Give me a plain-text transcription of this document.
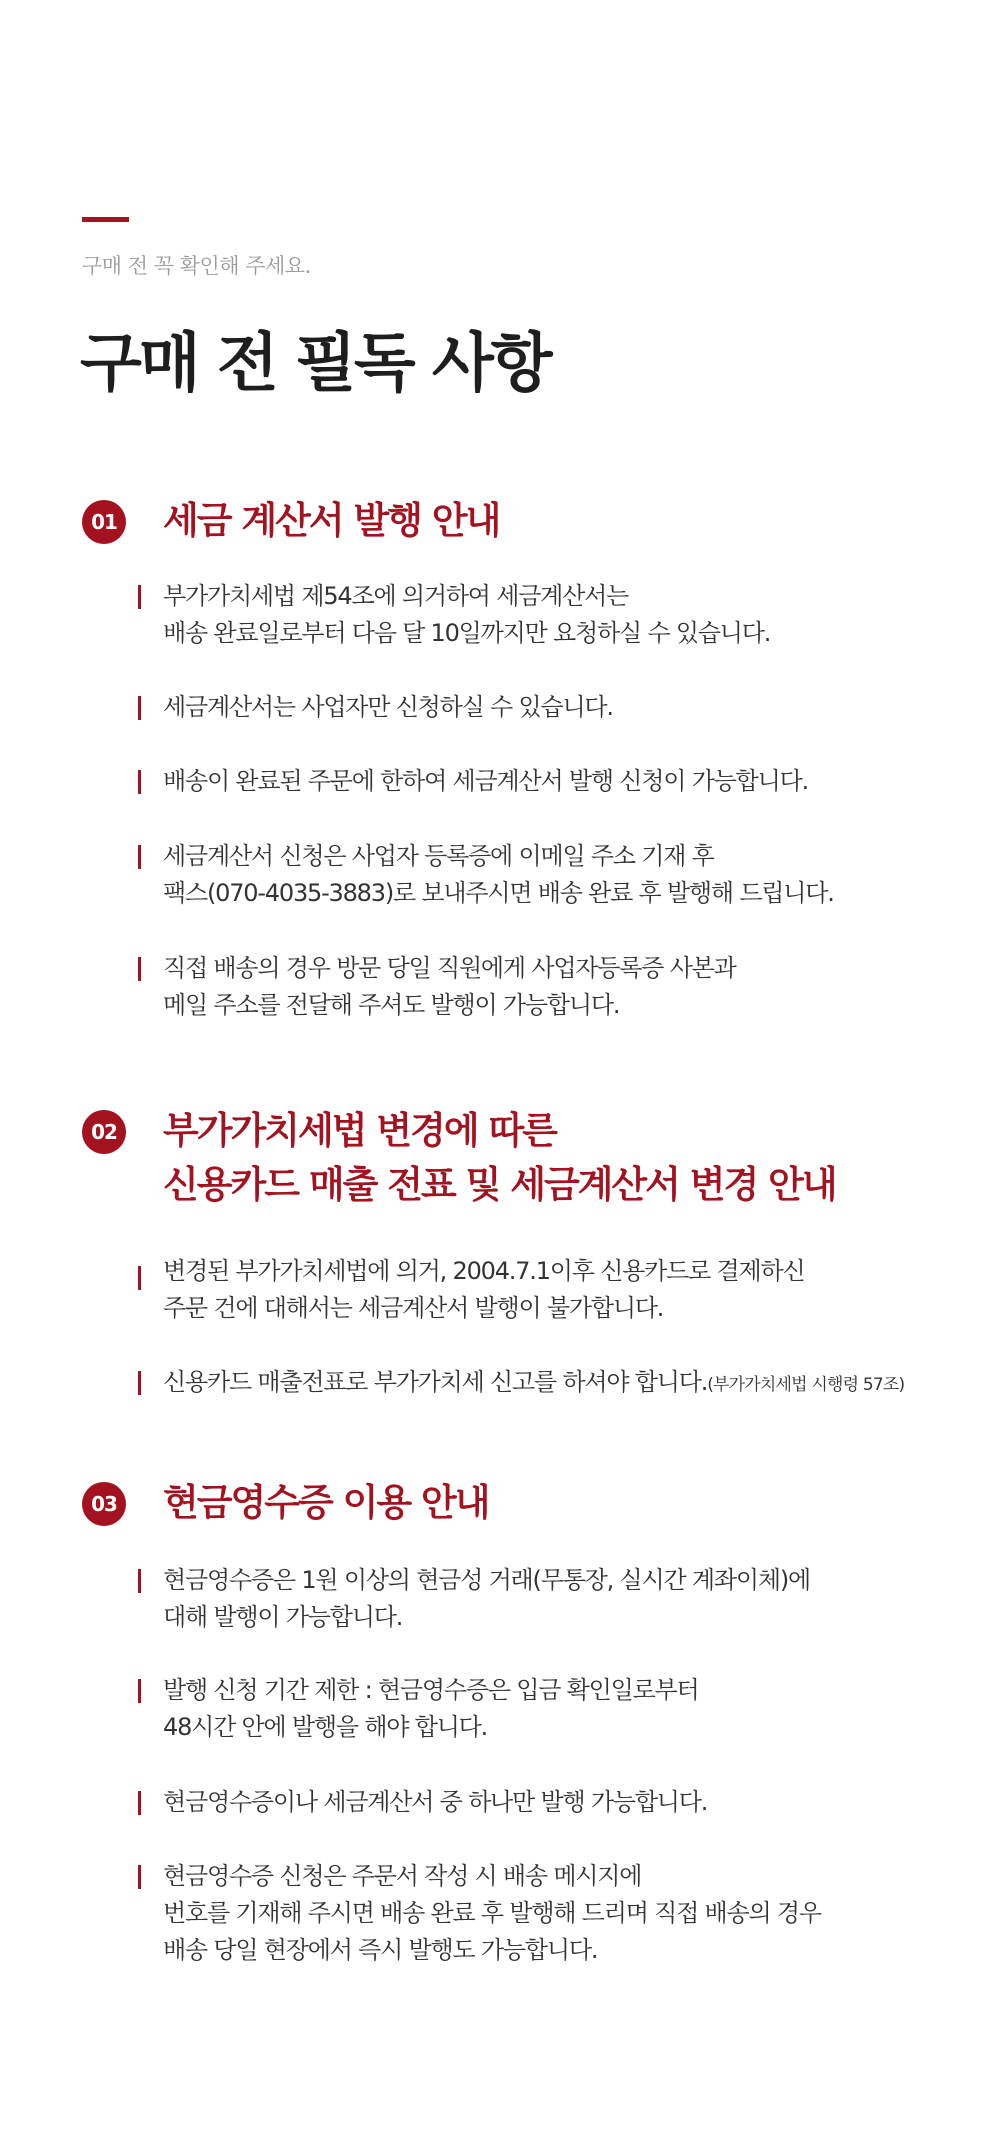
구매 전 꼭 확인해 주세요.
구매 전 필독 사항
01 세금 계산서 발행 안내
부가가치세법 제54조에 의거하여 세금계산서는
배송 완료일로부터 다음 달 10일까지만 요청하실 수 있습니다.
세금계산서는 사업자만 신청하실 수 있습니다.
배송이 완료된 주문에 한하여 세금계산서 발행 신청이 가능합니다.
세금계산서 신청은 사업자 등록증에 이메일 주소 기재 후
팩스(070-4035-3883)로 보내주시면 배송 완료 후 발행해 드립니다.
직접 배송의 경우 방문 당일 직원에게 사업자등록증 사본과
메일 주소를 전달해 주셔도 발행이 가능합니다.
02 부가가치세법 변경에 따른
신용카드 매출 전표 및 세금계산서 변경 안내
변경된 부가가치세법에 의거, 2004.7.1이후 신용카드로 결제하신
주문 건에 대해서는 세금계산서 발행이 불가합니다.
신용카드 매출전표로 부가가치세 신고를 하셔야 합니다.(부가가치세법 시행령 57조)
03 현금영수증 이용 안내
현금영수증은 1원 이상의 현금성 거래(무통장, 실시간 계좌이체)에
대해 발행이 가능합니다.
발행 신청 기간 제한 : 현금영수증은 입금 확인일로부터
48시간 안에 발행을 해야 합니다.
현금영수증이나 세금계산서 중 하나만 발행 가능합니다.
현금영수증 신청은 주문서 작성 시 배송 메시지에
번호를 기재해 주시면 배송 완료 후 발행해 드리며 직접 배송의 경우
배송 당일 현장에서 즉시 발행도 가능합니다.
